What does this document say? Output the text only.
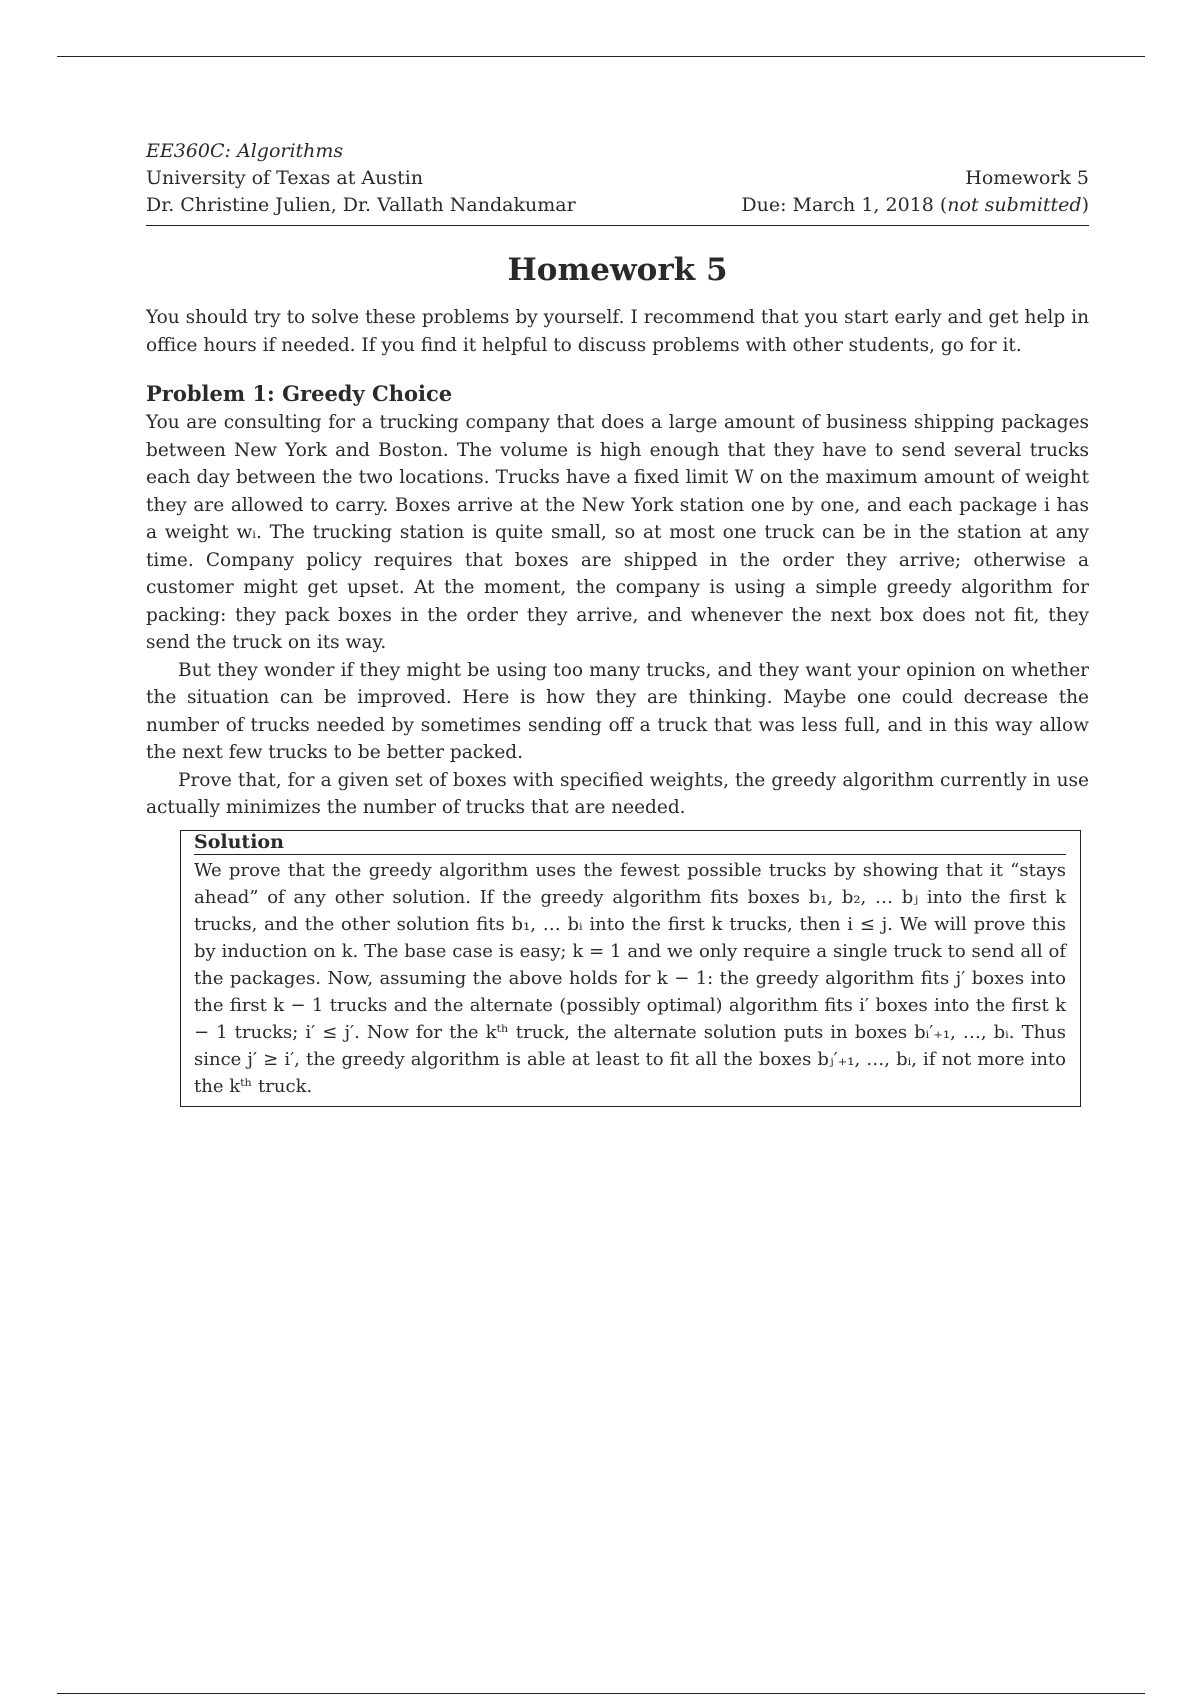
EE360C: Algorithms
University of Texas at Austin	Homework 5
Dr. Christine Julien, Dr. Vallath Nandakumar	Due: March 1, 2018 (not submitted)
Homework 5

You should try to solve these problems by yourself. I recommend that you start early and get help in office hours if needed. If you find it helpful to discuss problems with other students, go for it.

Problem 1: Greedy Choice

You are consulting for a trucking company that does a large amount of business shipping packages between New York and Boston. The volume is high enough that they have to send several trucks each day between the two locations. Trucks have a fixed limit W on the maximum amount of weight they are allowed to carry. Boxes arrive at the New York station one by one, and each package i has a weight wᵢ. The trucking station is quite small, so at most one truck can be in the station at any time. Company policy requires that boxes are shipped in the order they arrive; otherwise a customer might get upset. At the moment, the company is using a simple greedy algorithm for packing: they pack boxes in the order they arrive, and whenever the next box does not fit, they send the truck on its way.

But they wonder if they might be using too many trucks, and they want your opinion on whether the situation can be improved. Here is how they are thinking. Maybe one could decrease the number of trucks needed by sometimes sending off a truck that was less full, and in this way allow the next few trucks to be better packed.

Prove that, for a given set of boxes with specified weights, the greedy algorithm currently in use actually minimizes the number of trucks that are needed.

Solution

We prove that the greedy algorithm uses the fewest possible trucks by showing that it “stays ahead” of any other solution. If the greedy algorithm fits boxes b₁, b₂, … bⱼ into the first k trucks, and the other solution fits b₁, … bᵢ into the first k trucks, then i ≤ j. We will prove this by induction on k. The base case is easy; k = 1 and we only require a single truck to send all of the packages. Now, assuming the above holds for k − 1: the greedy algorithm fits j′ boxes into the first k − 1 trucks and the alternate (possibly optimal) algorithm fits i′ boxes into the first k − 1 trucks; i′ ≤ j′. Now for the kᵗʰ truck, the alternate solution puts in boxes bᵢ′₊₁, …, bᵢ. Thus since j′ ≥ i′, the greedy algorithm is able at least to fit all the boxes bⱼ′₊₁, …, bᵢ, if not more into the kᵗʰ truck.
